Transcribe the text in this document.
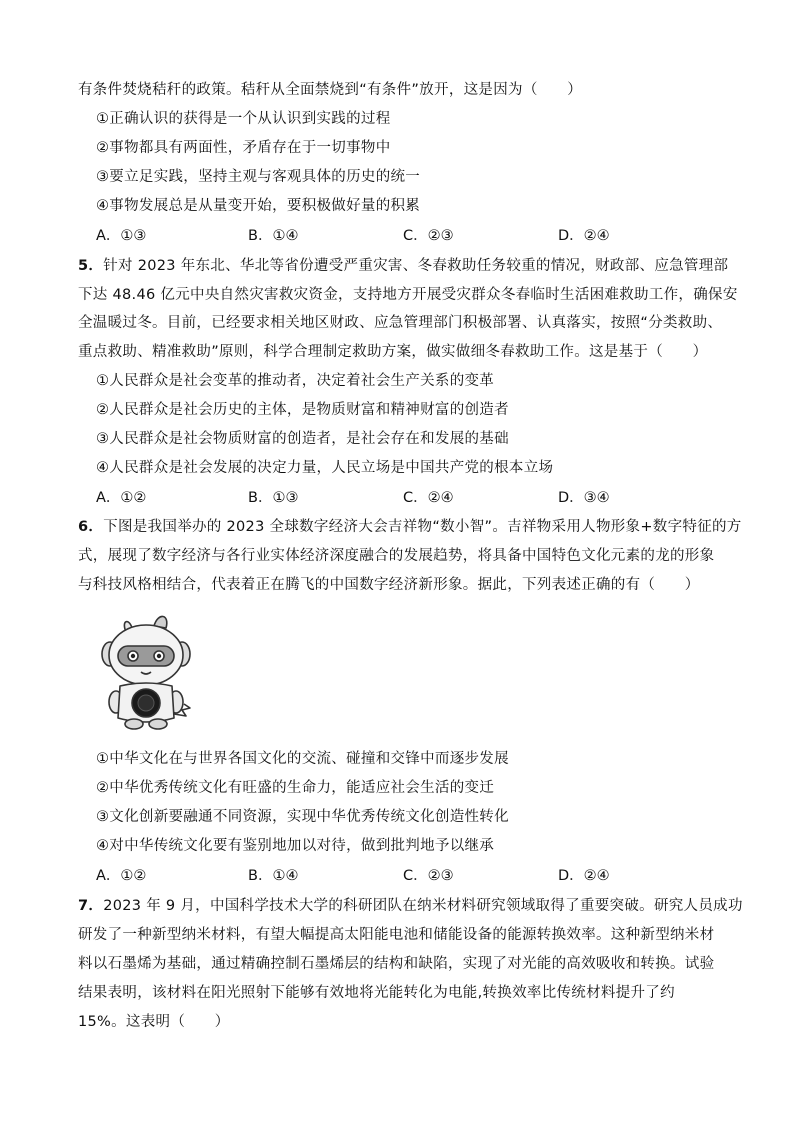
有条件焚烧秸秆的政策。秸秆从全面禁烧到“有条件”放开，这是因为（　　）
①正确认识的获得是一个从认识到实践的过程
②事物都具有两面性，矛盾存在于一切事物中
③要立足实践，坚持主观与客观具体的历史的统一
④事物发展总是从量变开始，要积极做好量的积累
A．①③	B．①④	C．②③	D．②④
5．针对 2023 年东北、华北等省份遭受严重灾害、冬春救助任务较重的情况，财政部、应急管理部
下达 48.46 亿元中央自然灾害救灾资金，支持地方开展受灾群众冬春临时生活困难救助工作，确保安
全温暖过冬。目前，已经要求相关地区财政、应急管理部门积极部署、认真落实，按照“分类救助、
重点救助、精准救助”原则，科学合理制定救助方案，做实做细冬春救助工作。这是基于（　　）
①人民群众是社会变革的推动者，决定着社会生产关系的变革
②人民群众是社会历史的主体，是物质财富和精神财富的创造者
③人民群众是社会物质财富的创造者，是社会存在和发展的基础
④人民群众是社会发展的决定力量，人民立场是中国共产党的根本立场
A．①②	B．①③	C．②④	D．③④
6．下图是我国举办的 2023 全球数字经济大会吉祥物“数小智”。吉祥物采用人物形象+数字特征的方
式，展现了数字经济与各行业实体经济深度融合的发展趋势，将具备中国特色文化元素的龙的形象
与科技风格相结合，代表着正在腾飞的中国数字经济新形象。据此，下列表述正确的有（　　）
①中华文化在与世界各国文化的交流、碰撞和交锋中而逐步发展
②中华优秀传统文化有旺盛的生命力，能适应社会生活的变迁
③文化创新要融通不同资源，实现中华优秀传统文化创造性转化
④对中华传统文化要有鉴别地加以对待，做到批判地予以继承
A．①②	B．①④	C．②③	D．②④
7．2023 年 9 月，中国科学技术大学的科研团队在纳米材料研究领域取得了重要突破。研究人员成功
研发了一种新型纳米材料，有望大幅提高太阳能电池和储能设备的能源转换效率。这种新型纳米材
料以石墨烯为基础，通过精确控制石墨烯层的结构和缺陷，实现了对光能的高效吸收和转换。试验
结果表明，该材料在阳光照射下能够有效地将光能转化为电能,转换效率比传统材料提升了约
15%。这表明（　　）
